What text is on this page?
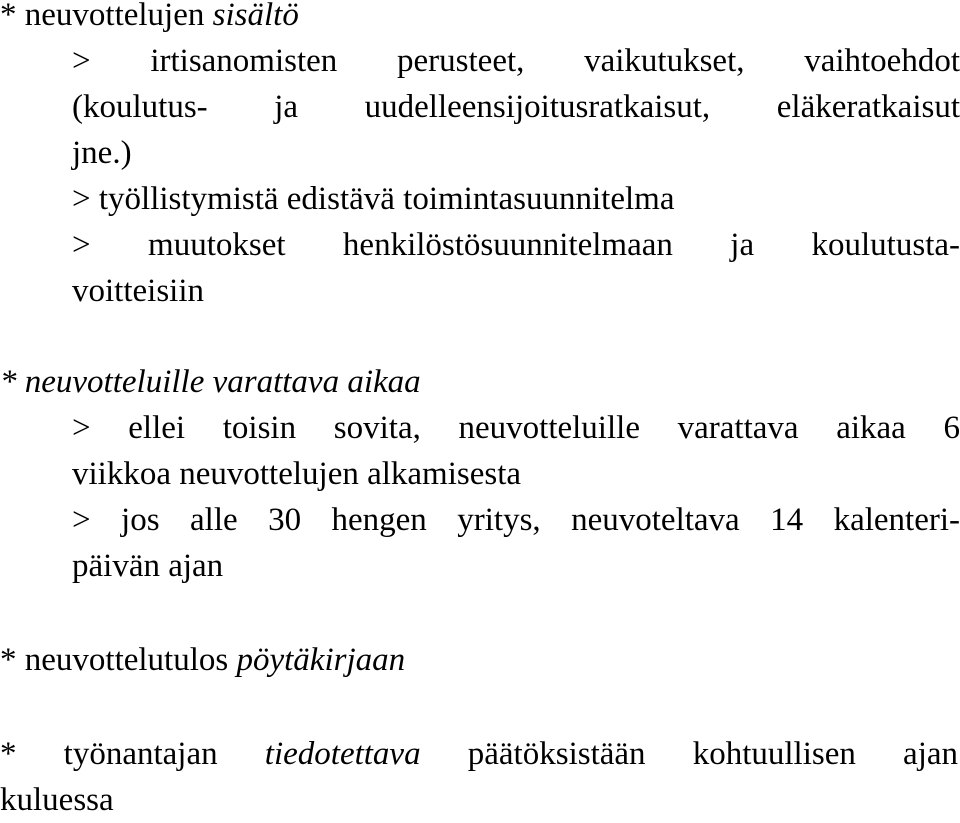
* neuvottelujen sisältö
> irtisanomisten perusteet, vaikutukset, vaihtoehdot
(koulutus- ja uudelleensijoitusratkaisut, eläkeratkaisut
jne.)
> työllistymistä edistävä toimintasuunnitelma
> muutokset henkilöstösuunnitelmaan ja koulutusta-
voitteisiin
* neuvotteluille varattava aikaa
> ellei toisin sovita, neuvotteluille varattava aikaa 6
viikkoa neuvottelujen alkamisesta
> jos alle 30 hengen yritys, neuvoteltava 14 kalenteri-
päivän ajan
* neuvottelutulos pöytäkirjaan
* työnantajan tiedotettava päätöksistään kohtuullisen ajan
kuluessa
